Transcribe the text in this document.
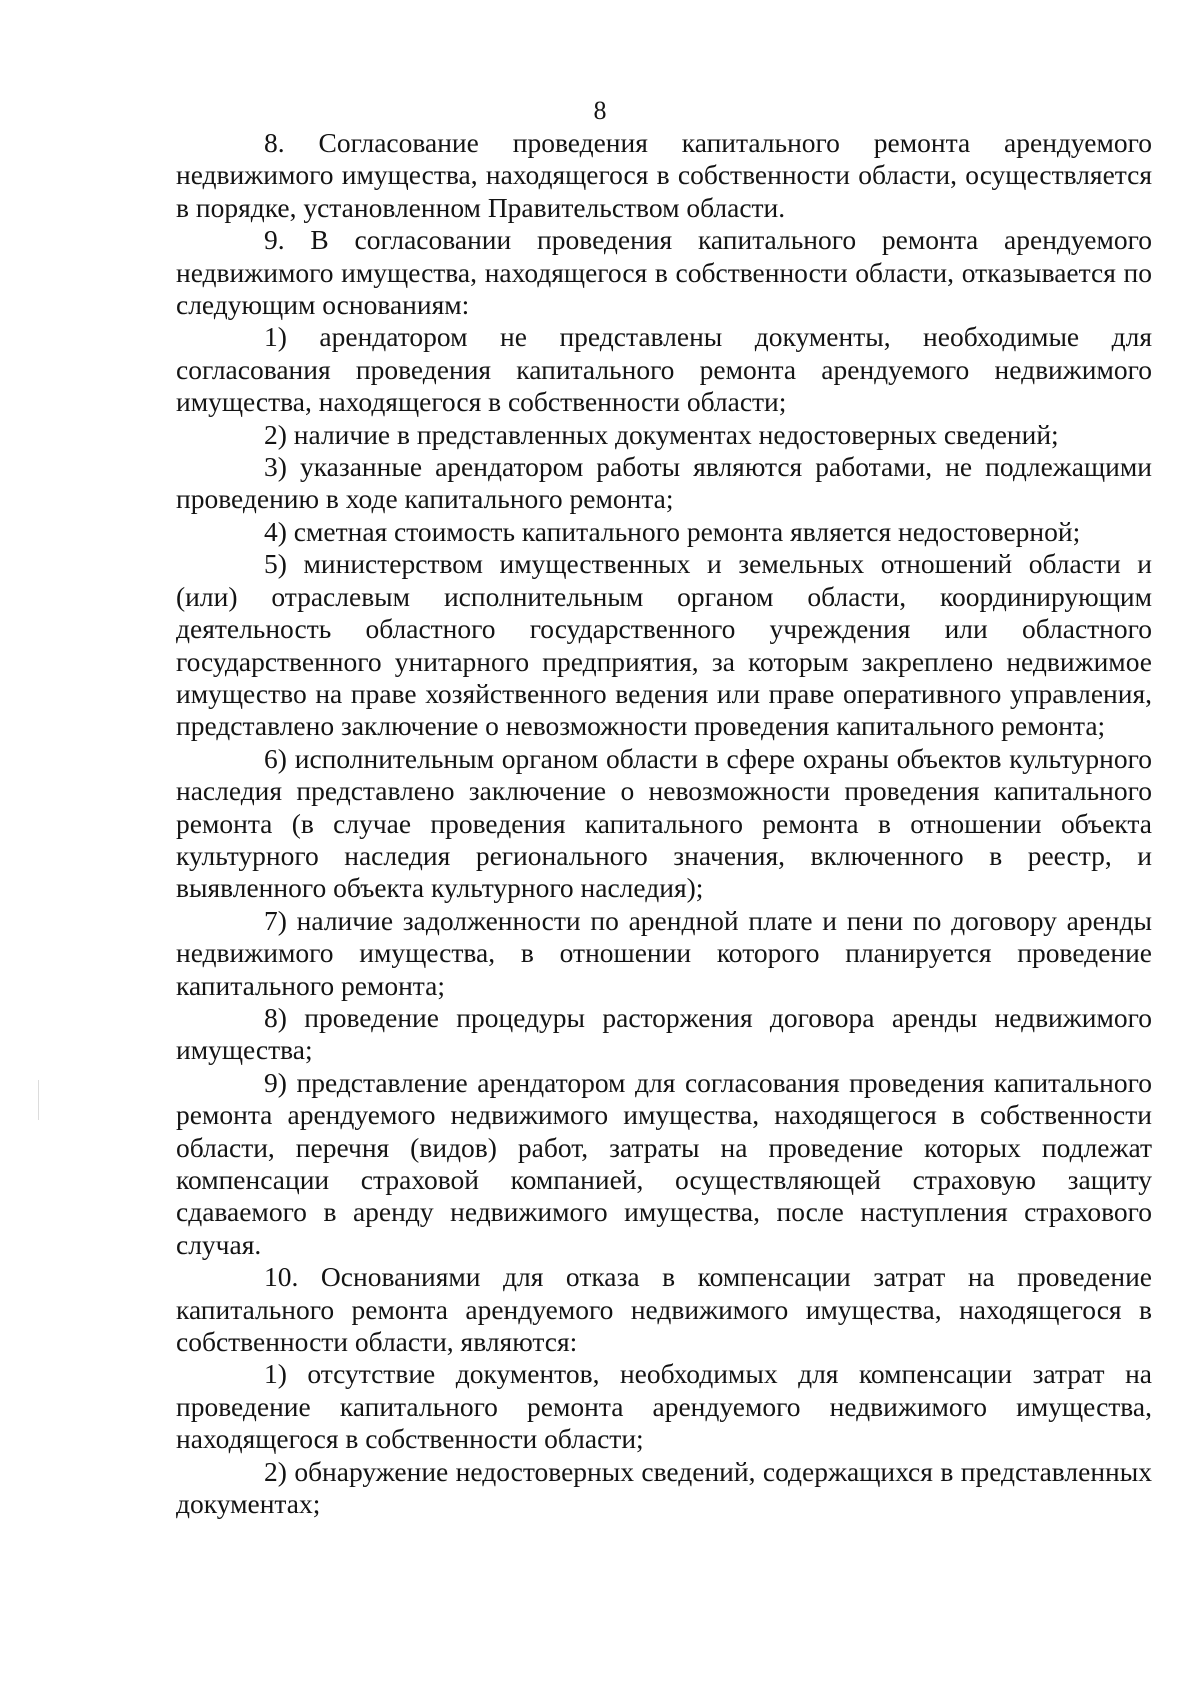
8

8. Согласование проведения капитального ремонта арендуемого недвижимого имущества, находящегося в собственности области, осуществляется в порядке, установленном Правительством области.

9. В согласовании проведения капитального ремонта арендуемого недвижимого имущества, находящегося в собственности области, отказывается по следующим основаниям:

1) арендатором не представлены документы, необходимые для согласования проведения капитального ремонта арендуемого недвижимого имущества, находящегося в собственности области;

2) наличие в представленных документах недостоверных сведений;

3) указанные арендатором работы являются работами, не подлежащими проведению в ходе капитального ремонта;

4) сметная стоимость капитального ремонта является недостоверной;

5) министерством имущественных и земельных отношений области и (или) отраслевым исполнительным органом области, координирующим деятельность областного государственного учреждения или областного государственного унитарного предприятия, за которым закреплено недвижимое имущество на праве хозяйственного ведения или праве оперативного управления, представлено заключение о невозможности проведения капитального ремонта;

6) исполнительным органом области в сфере охраны объектов культурного наследия представлено заключение о невозможности проведения капитального ремонта (в случае проведения капитального ремонта в отношении объекта культурного наследия регионального значения, включенного в реестр, и выявленного объекта культурного наследия);

7) наличие задолженности по арендной плате и пени по договору аренды недвижимого имущества, в отношении которого планируется проведение капитального ремонта;

8) проведение процедуры расторжения договора аренды недвижимого имущества;

9) представление арендатором для согласования проведения капитального ремонта арендуемого недвижимого имущества, находящегося в собственности области, перечня (видов) работ, затраты на проведение которых подлежат компенсации страховой компанией, осуществляющей страховую защиту сдаваемого в аренду недвижимого имущества, после наступления страхового случая.

10. Основаниями для отказа в компенсации затрат на проведение капитального ремонта арендуемого недвижимого имущества, находящегося в собственности области, являются:

1) отсутствие документов, необходимых для компенсации затрат на проведение капитального ремонта арендуемого недвижимого имущества, находящегося в собственности области;

2) обнаружение недостоверных сведений, содержащихся в представленных документах;
